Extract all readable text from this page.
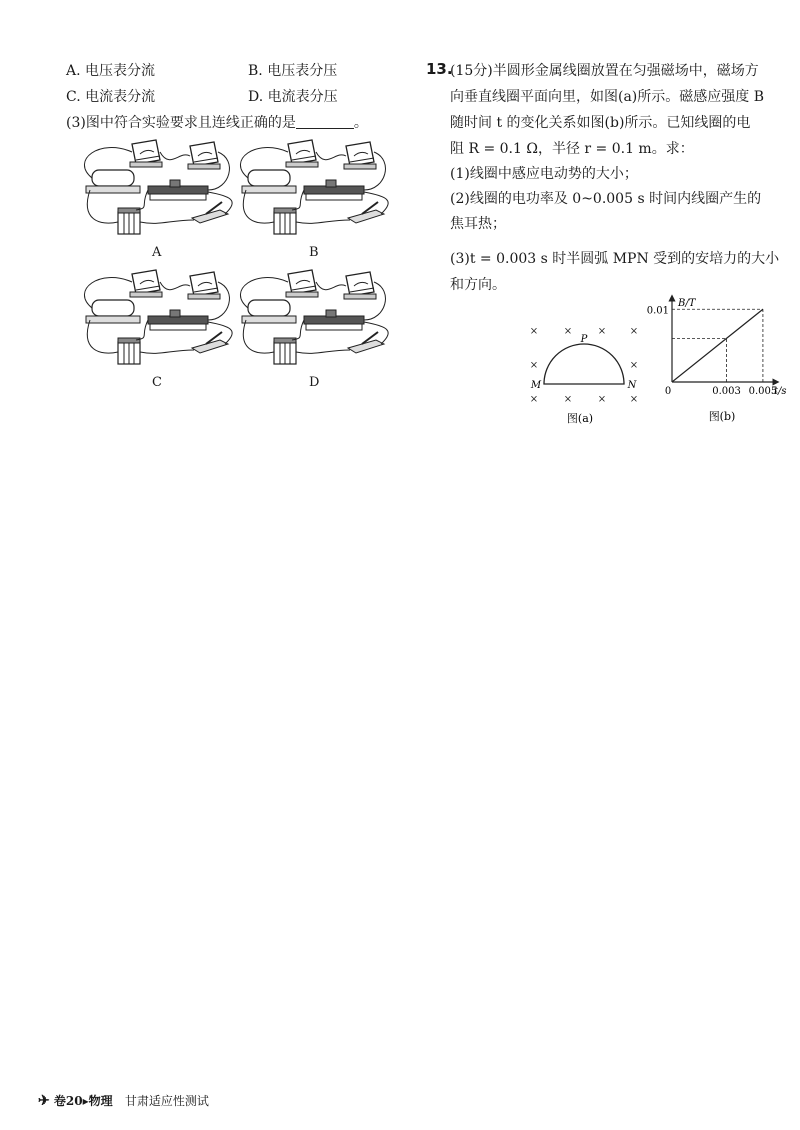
A. 电压表分流	B. 电压表分压
C. 电流表分流	D. 电流表分压
(3)图中符合实验要求且连线正确的是	。
A	B
C	D
13.
(15分)半圆形金属线圈放置在匀强磁场中，磁场方
向垂直线圈平面向里，如图(a)所示。磁感应强度 B
随时间 t 的变化关系如图(b)所示。已知线圈的电
阻 R = 0.1 Ω，半径 r = 0.1 m。求：
(1)线圈中感应电动势的大小；
(2)线圈的电功率及 0~0.005 s 时间内线圈产生的
焦耳热；
(3)t = 0.003 s 时半圆弧 MPN 受到的安培力的大小
和方向。
×	×	× ×
×	×
×	×	× ×
P
M	N
图(a)
B/T
t/s
0
0.01
0.003 0.005
图(b)
✈ 卷20▸物理 甘肃适应性测试
